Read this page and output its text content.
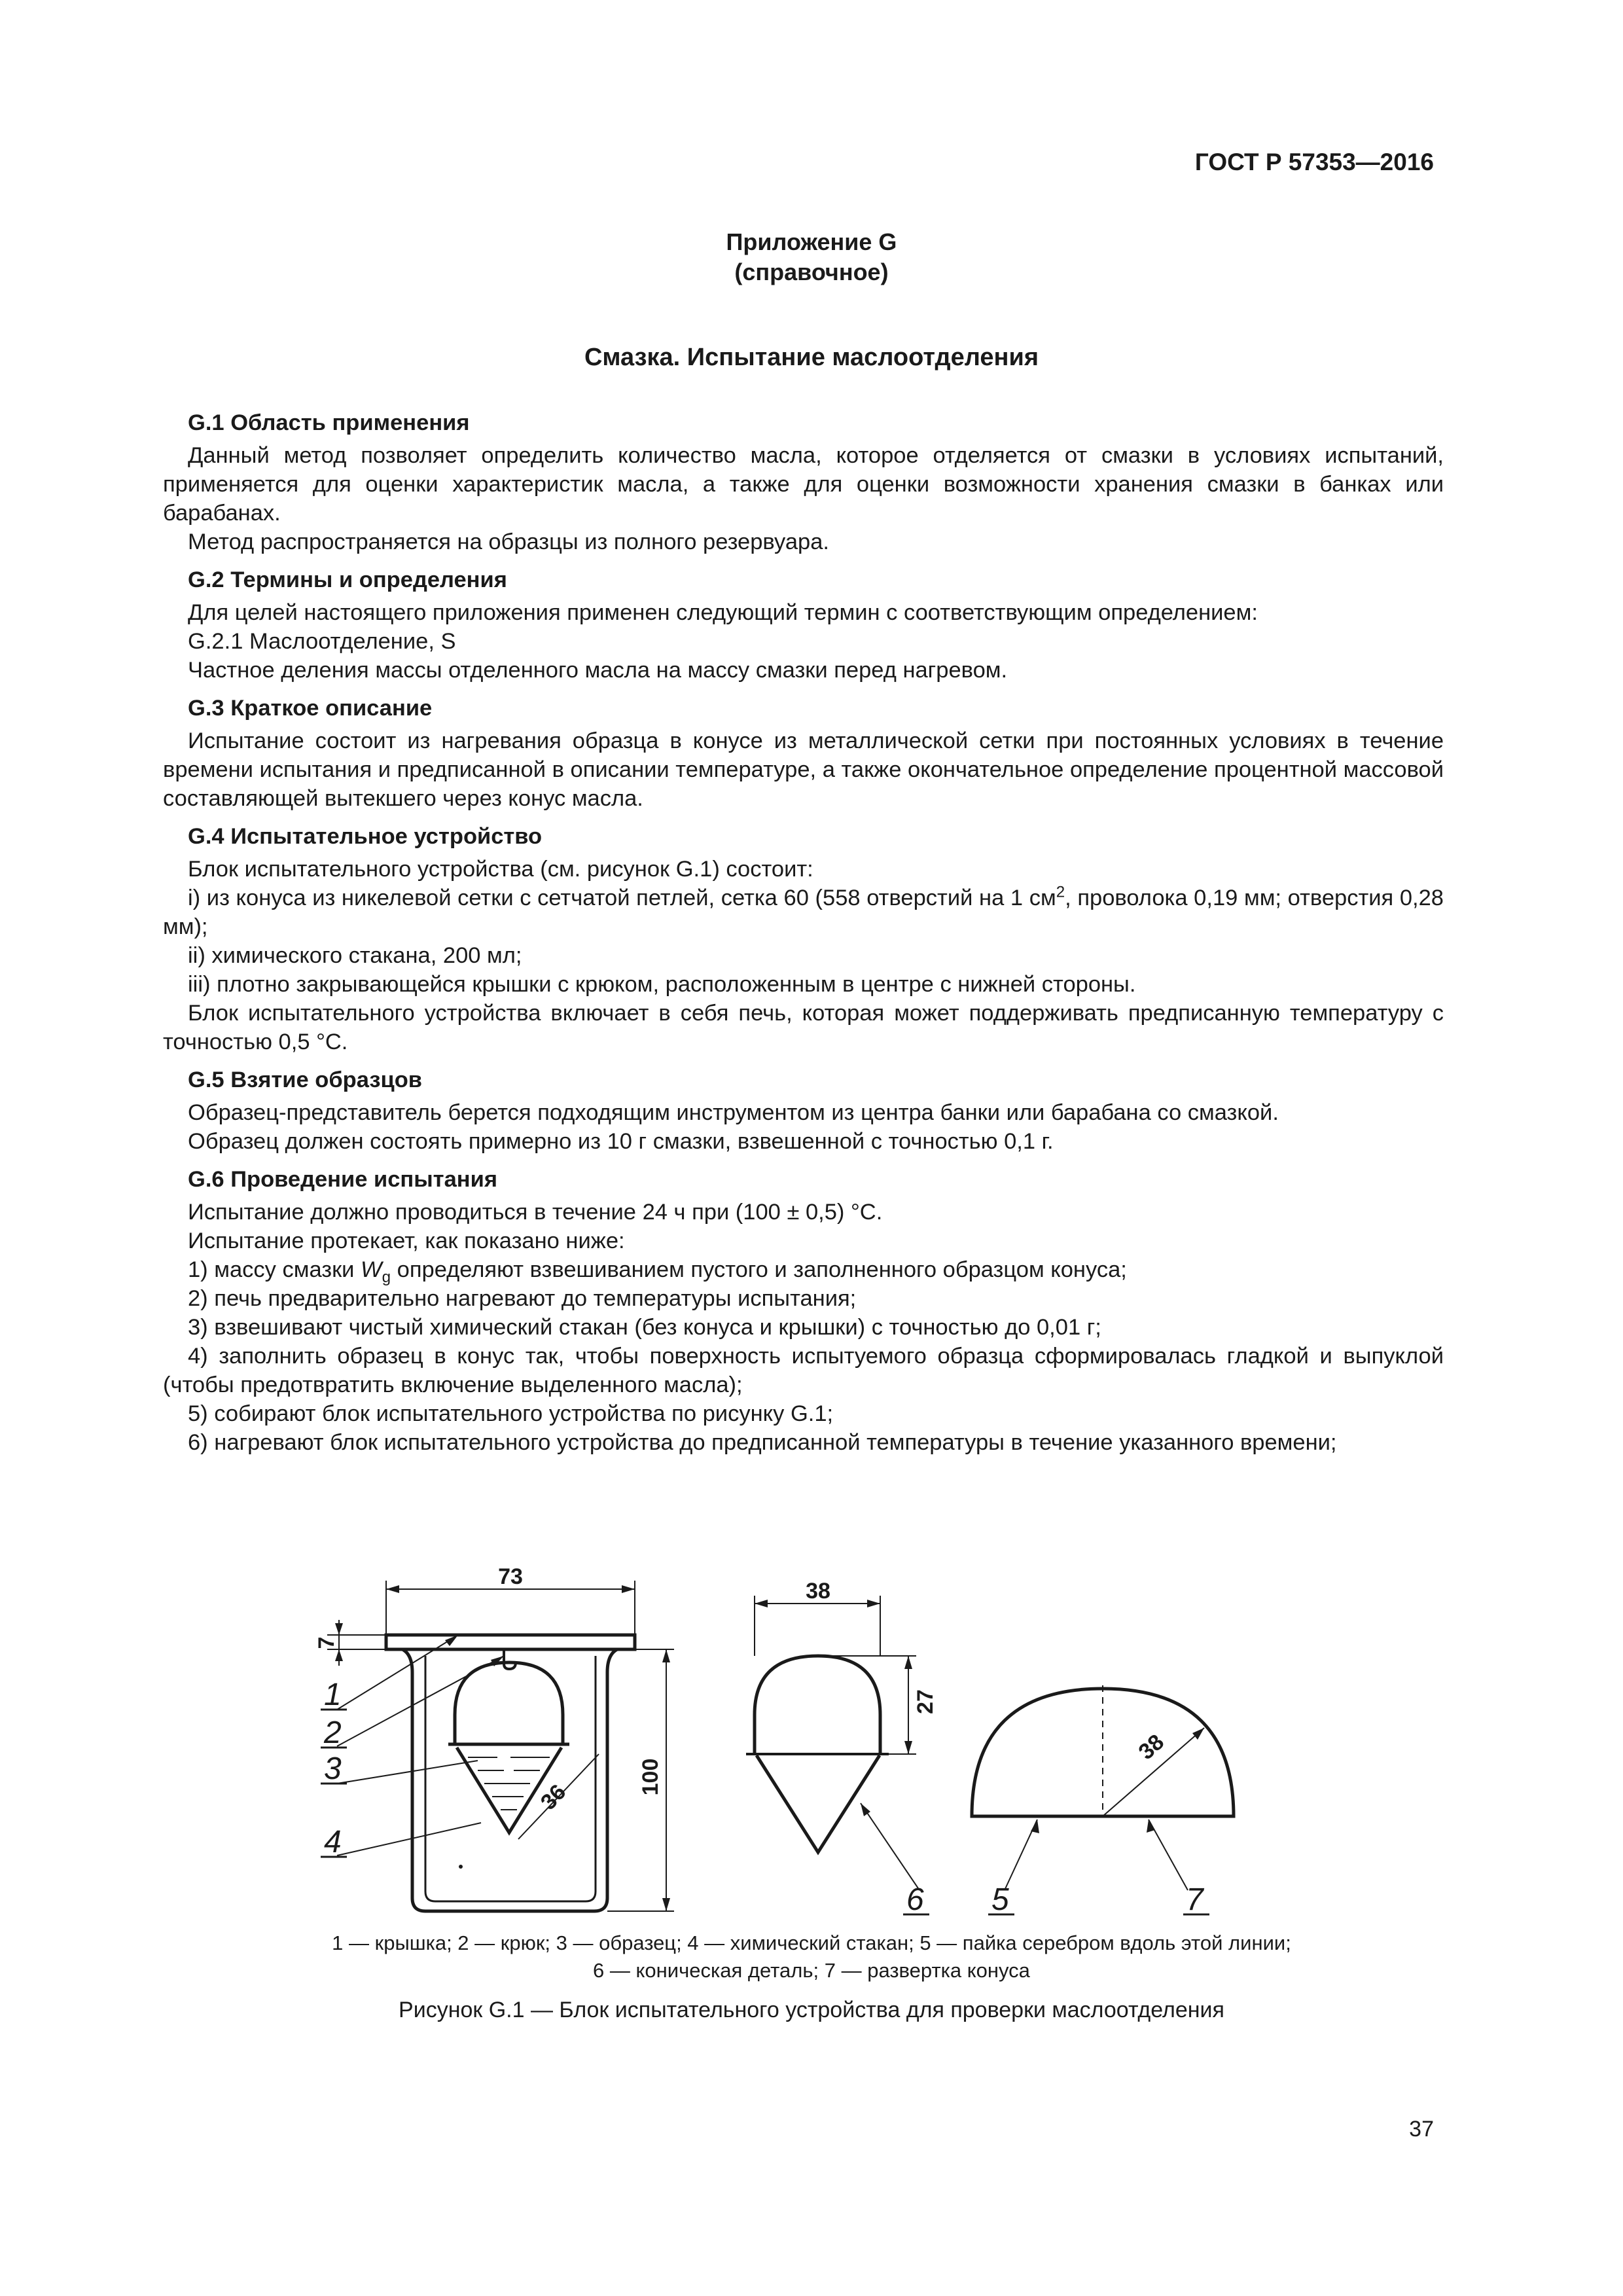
ГОСТ Р 57353—2016
Приложение G
(справочное)
Смазка. Испытание маслоотделения

G.1 Область применения

Данный метод позволяет определить количество масла, которое отделяется от смазки в условиях испытаний, применяется для оценки характеристик масла, а также для оценки возможности хранения смазки в банках или барабанах.

Метод распространяется на образцы из полного резервуара.

G.2 Термины и определения

Для целей настоящего приложения применен следующий термин с соответствующим определением:

G.2.1 Маслоотделение, S

Частное деления массы отделенного масла на массу смазки перед нагревом.

G.3 Краткое описание

Испытание состоит из нагревания образца в конусе из металлической сетки при постоянных условиях в течение времени испытания и предписанной в описании температуре, а также окончательное определение процентной массовой составляющей вытекшего через конус масла.

G.4 Испытательное устройство

Блок испытательного устройства (см. рисунок G.1) состоит:

i) из конуса из никелевой сетки с сетчатой петлей, сетка 60 (558 отверстий на 1 $см^2$, проволока 0,19 мм; отверстия 0,28 мм);

ii) химического стакана, 200 мл;

iii) плотно закрывающейся крышки с крюком, расположенным в центре с нижней стороны.

Блок испытательного устройства включает в себя печь, которая может поддерживать предписанную температуру с точностью 0,5 °С.

G.5 Взятие образцов

Образец-представитель берется подходящим инструментом из центра банки или барабана со смазкой.

Образец должен состоять примерно из 10 г смазки, взвешенной с точностью 0,1 г.

G.6 Проведение испытания

Испытание должно проводиться в течение 24 ч при (100 ± 0,5) °С.

Испытание протекает, как показано ниже:

1) массу смазки $W_g$ определяют взвешиванием пустого и заполненного образцом конуса;

2) печь предварительно нагревают до температуры испытания;

3) взвешивают чистый химический стакан (без конуса и крышки) с точностью до 0,01 г;

4) заполнить образец в конус так, чтобы поверхность испытуемого образца сформировалась гладкой и выпуклой (чтобы предотвратить включение выделенного масла);

5) собирают блок испытательного устройства по рисунку G.1;

6) нагревают блок испытательного устройства до предписанной температуры в течение указанного времени;

73
7
100
36
38
27
38
1
2
3
4
5
6	7
1 — крышка; 2 — крюк; 3 — образец; 4 — химический стакан; 5 — пайка серебром вдоль этой линии;
6 — коническая деталь; 7 — развертка конуса
Рисунок G.1 — Блок испытательного устройства для проверки маслоотделения
37
